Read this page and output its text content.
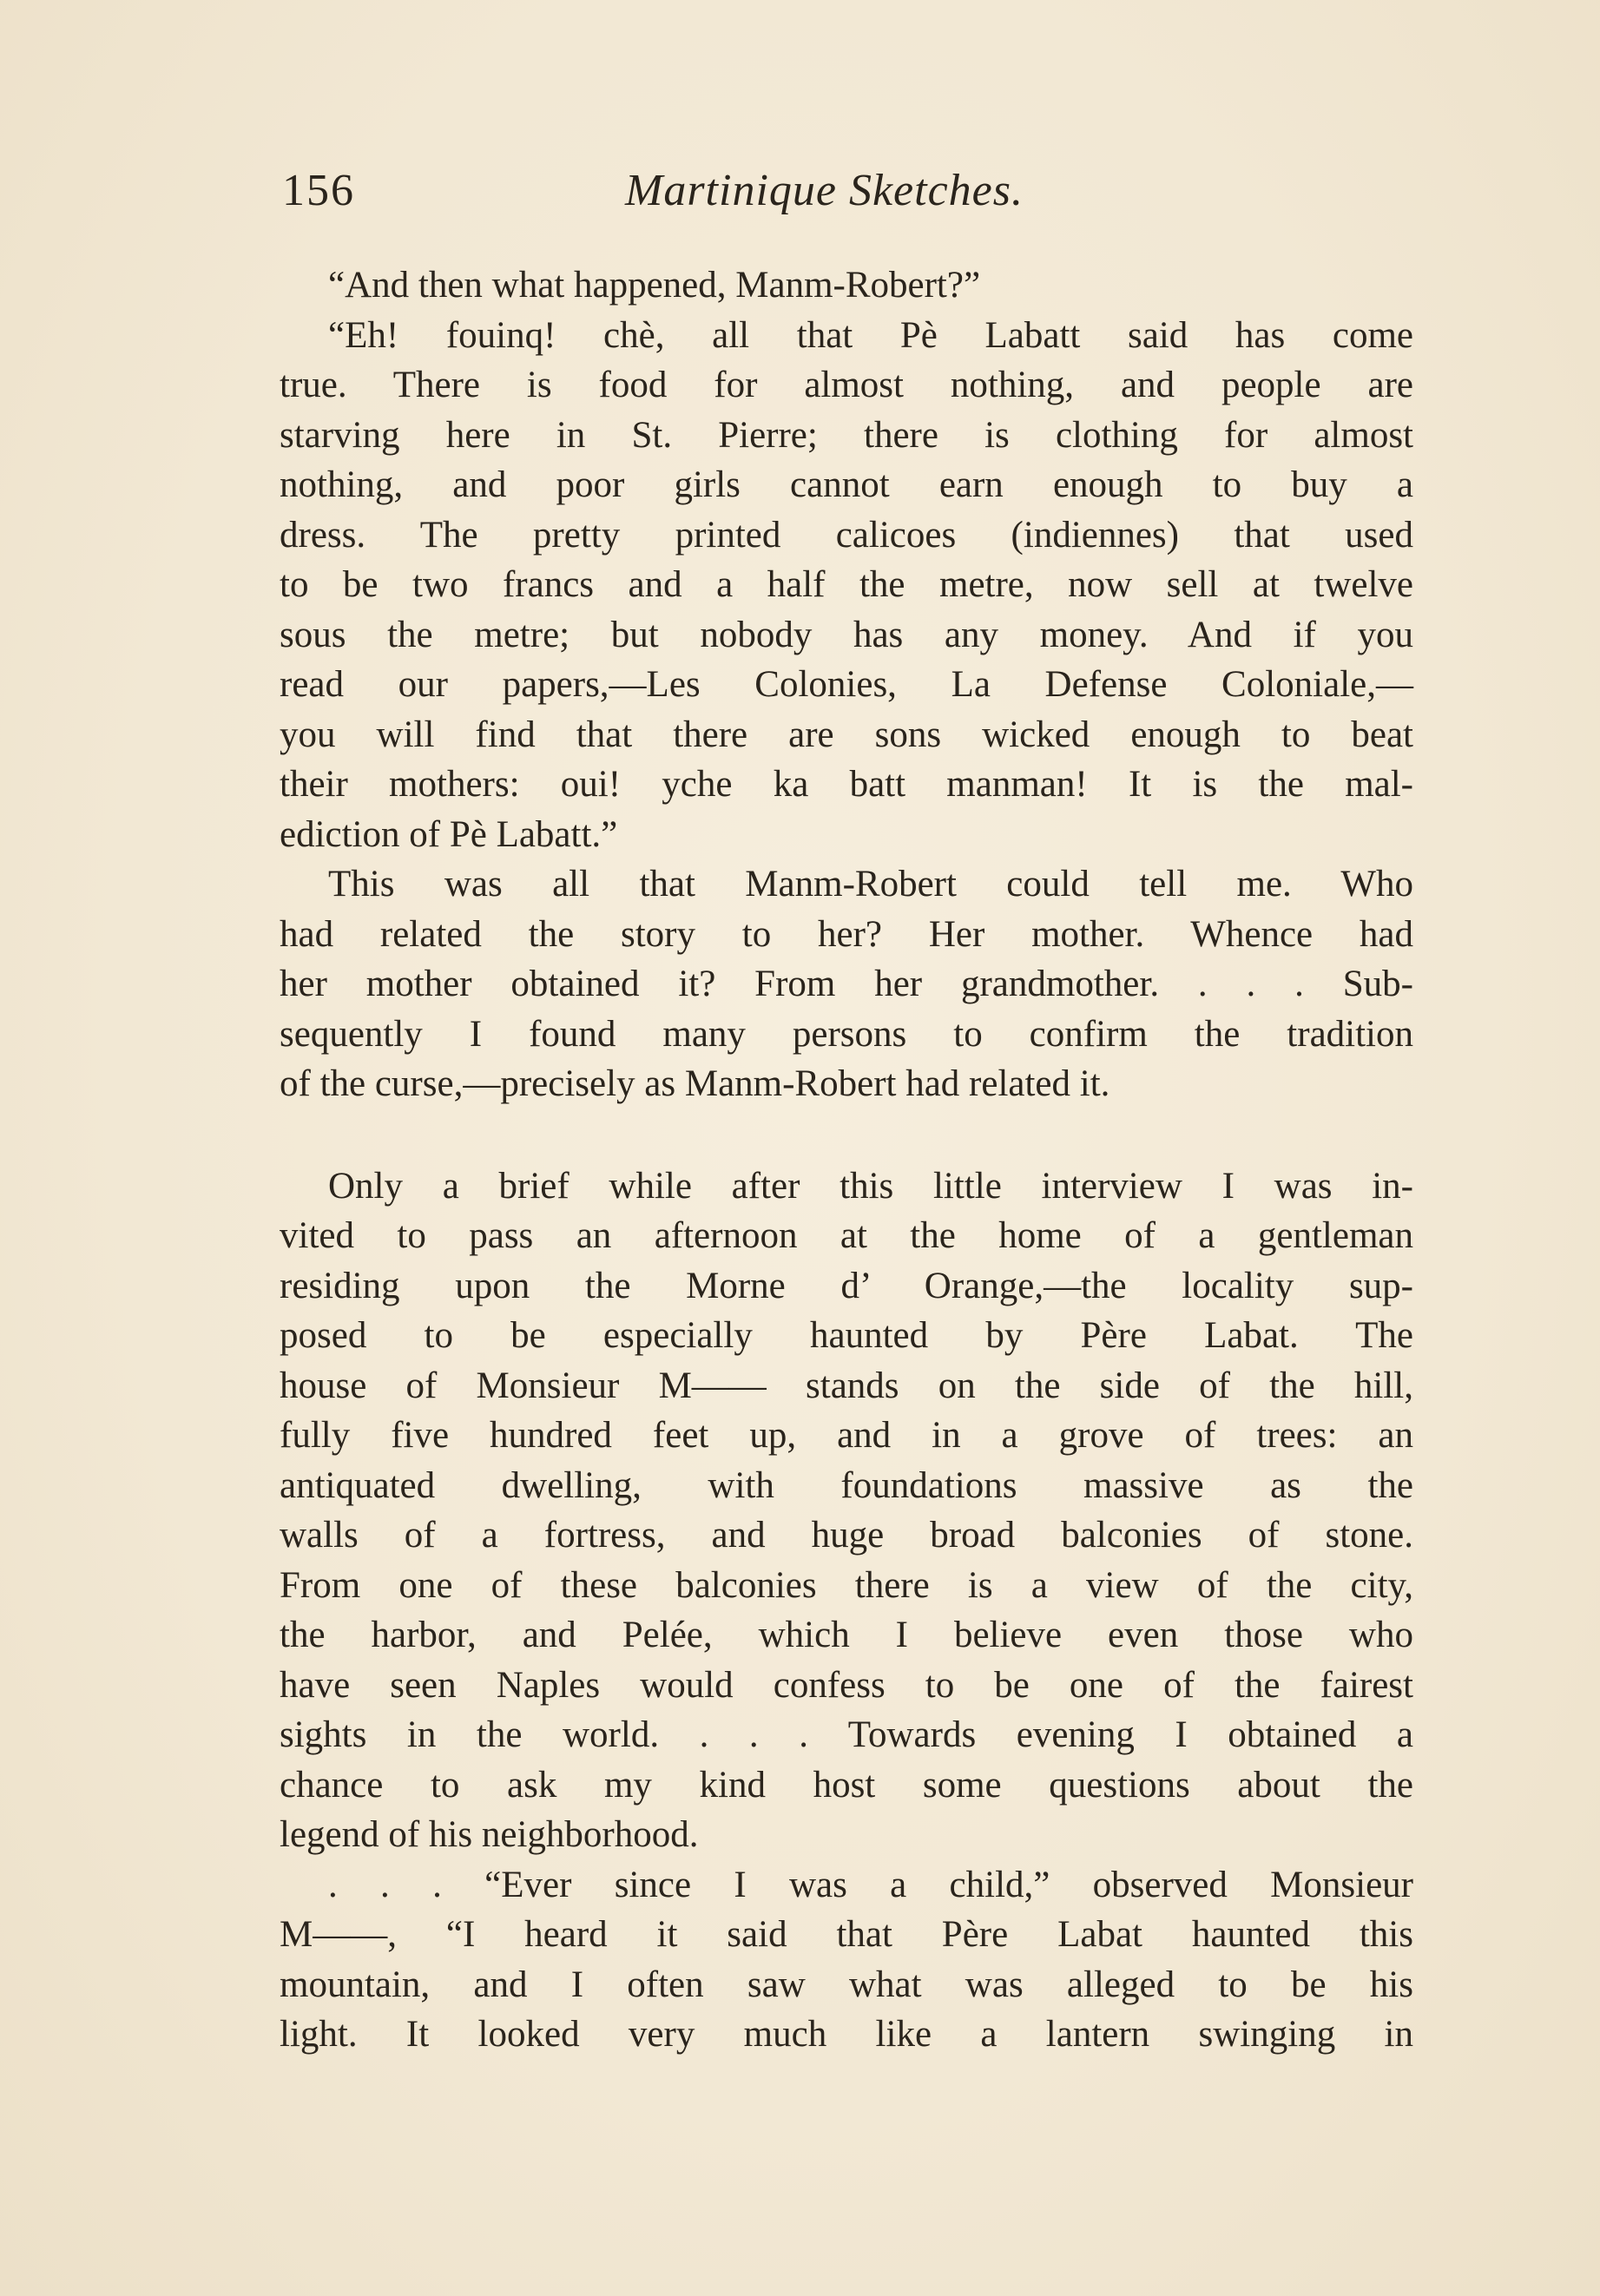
156	Martinique Sketches.
“And then what happened, Manm-Robert?”
“Eh! fouinq! chè, all that Pè Labatt said has come
true. There is food for almost nothing, and people are
starving here in St. Pierre; there is clothing for almost
nothing, and poor girls cannot earn enough to buy a
dress. The pretty printed calicoes (indiennes) that used
to be two francs and a half the metre, now sell at twelve
sous the metre; but nobody has any money. And if you
read our papers,—Les Colonies, La Defense Coloniale,—
you will find that there are sons wicked enough to beat
their mothers: oui! yche ka batt manman! It is the mal-
ediction of Pè Labatt.”
This was all that Manm-Robert could tell me. Who
had related the story to her? Her mother. Whence had
her mother obtained it? From her grandmother. . . . Sub-
sequently I found many persons to confirm the tradition
of the curse,—precisely as Manm-Robert had related it.
Only a brief while after this little interview I was in-
vited to pass an afternoon at the home of a gentleman
residing upon the Morne d’ Orange,—the locality sup-
posed to be especially haunted by Père Labat. The
house of Monsieur M—— stands on the side of the hill,
fully five hundred feet up, and in a grove of trees: an
antiquated dwelling, with foundations massive as the
walls of a fortress, and huge broad balconies of stone.
From one of these balconies there is a view of the city,
the harbor, and Pelée, which I believe even those who
have seen Naples would confess to be one of the fairest
sights in the world. . . . Towards evening I obtained a
chance to ask my kind host some questions about the
legend of his neighborhood.
. . . “Ever since I was a child,” observed Monsieur
M——, “I heard it said that Père Labat haunted this
mountain, and I often saw what was alleged to be his
light. It looked very much like a lantern swinging in
